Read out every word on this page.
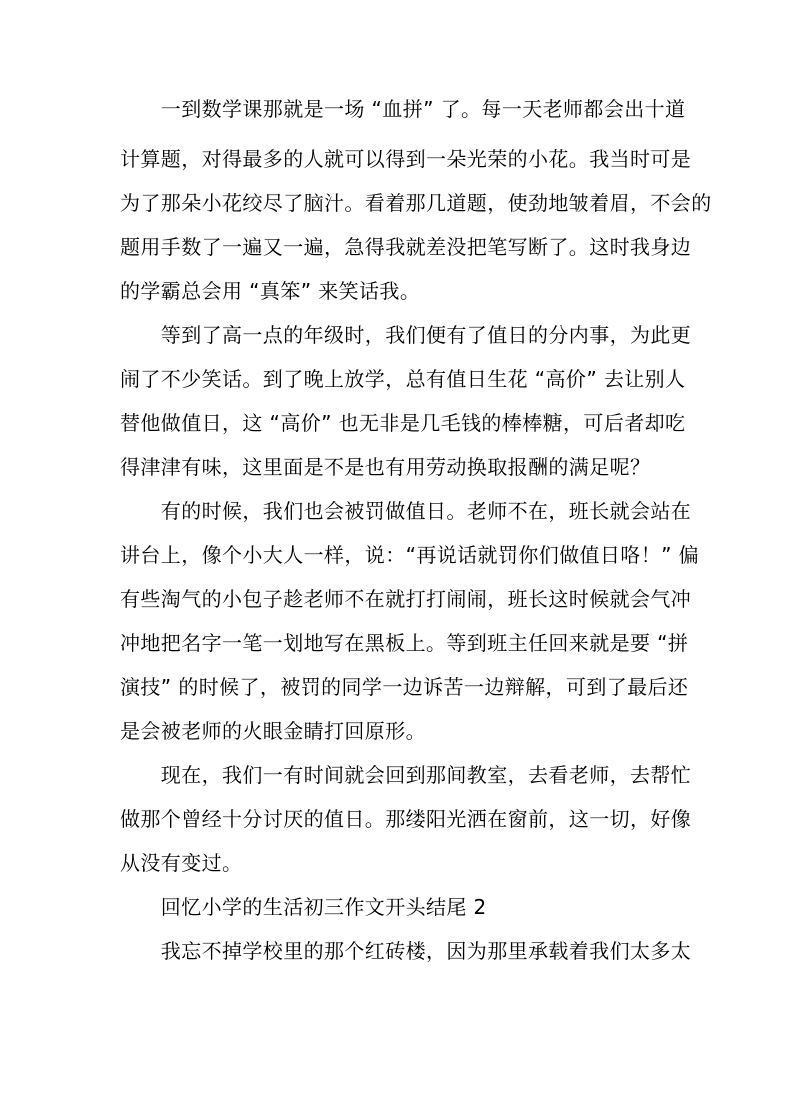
　　一到数学课那就是一场 “血拼” 了。每一天老师都会出十道
计算题，对得最多的人就可以得到一朵光荣的小花。我当时可是
为了那朵小花绞尽了脑汁。看着那几道题，使劲地皱着眉，不会的
题用手数了一遍又一遍，急得我就差没把笔写断了。这时我身边
的学霸总会用 “真笨” 来笑话我。
　　等到了高一点的年级时，我们便有了值日的分内事，为此更
闹了不少笑话。到了晚上放学，总有值日生花 “高价” 去让别人
替他做值日，这 “高价” 也无非是几毛钱的棒棒糖，可后者却吃
得津津有味，这里面是不是也有用劳动换取报酬的满足呢？
　　有的时候，我们也会被罚做值日。老师不在，班长就会站在
讲台上，像个小大人一样，说：“再说话就罚你们做值日咯！” 偏
有些淘气的小包子趁老师不在就打打闹闹，班长这时候就会气冲
冲地把名字一笔一划地写在黑板上。等到班主任回来就是要 “拼
演技” 的时候了，被罚的同学一边诉苦一边辩解，可到了最后还
是会被老师的火眼金睛打回原形。
　　现在，我们一有时间就会回到那间教室，去看老师，去帮忙
做那个曾经十分讨厌的值日。那缕阳光洒在窗前，这一切，好像
从没有变过。
　　回忆小学的生活初三作文开头结尾 2
　　我忘不掉学校里的那个红砖楼，因为那里承载着我们太多太
